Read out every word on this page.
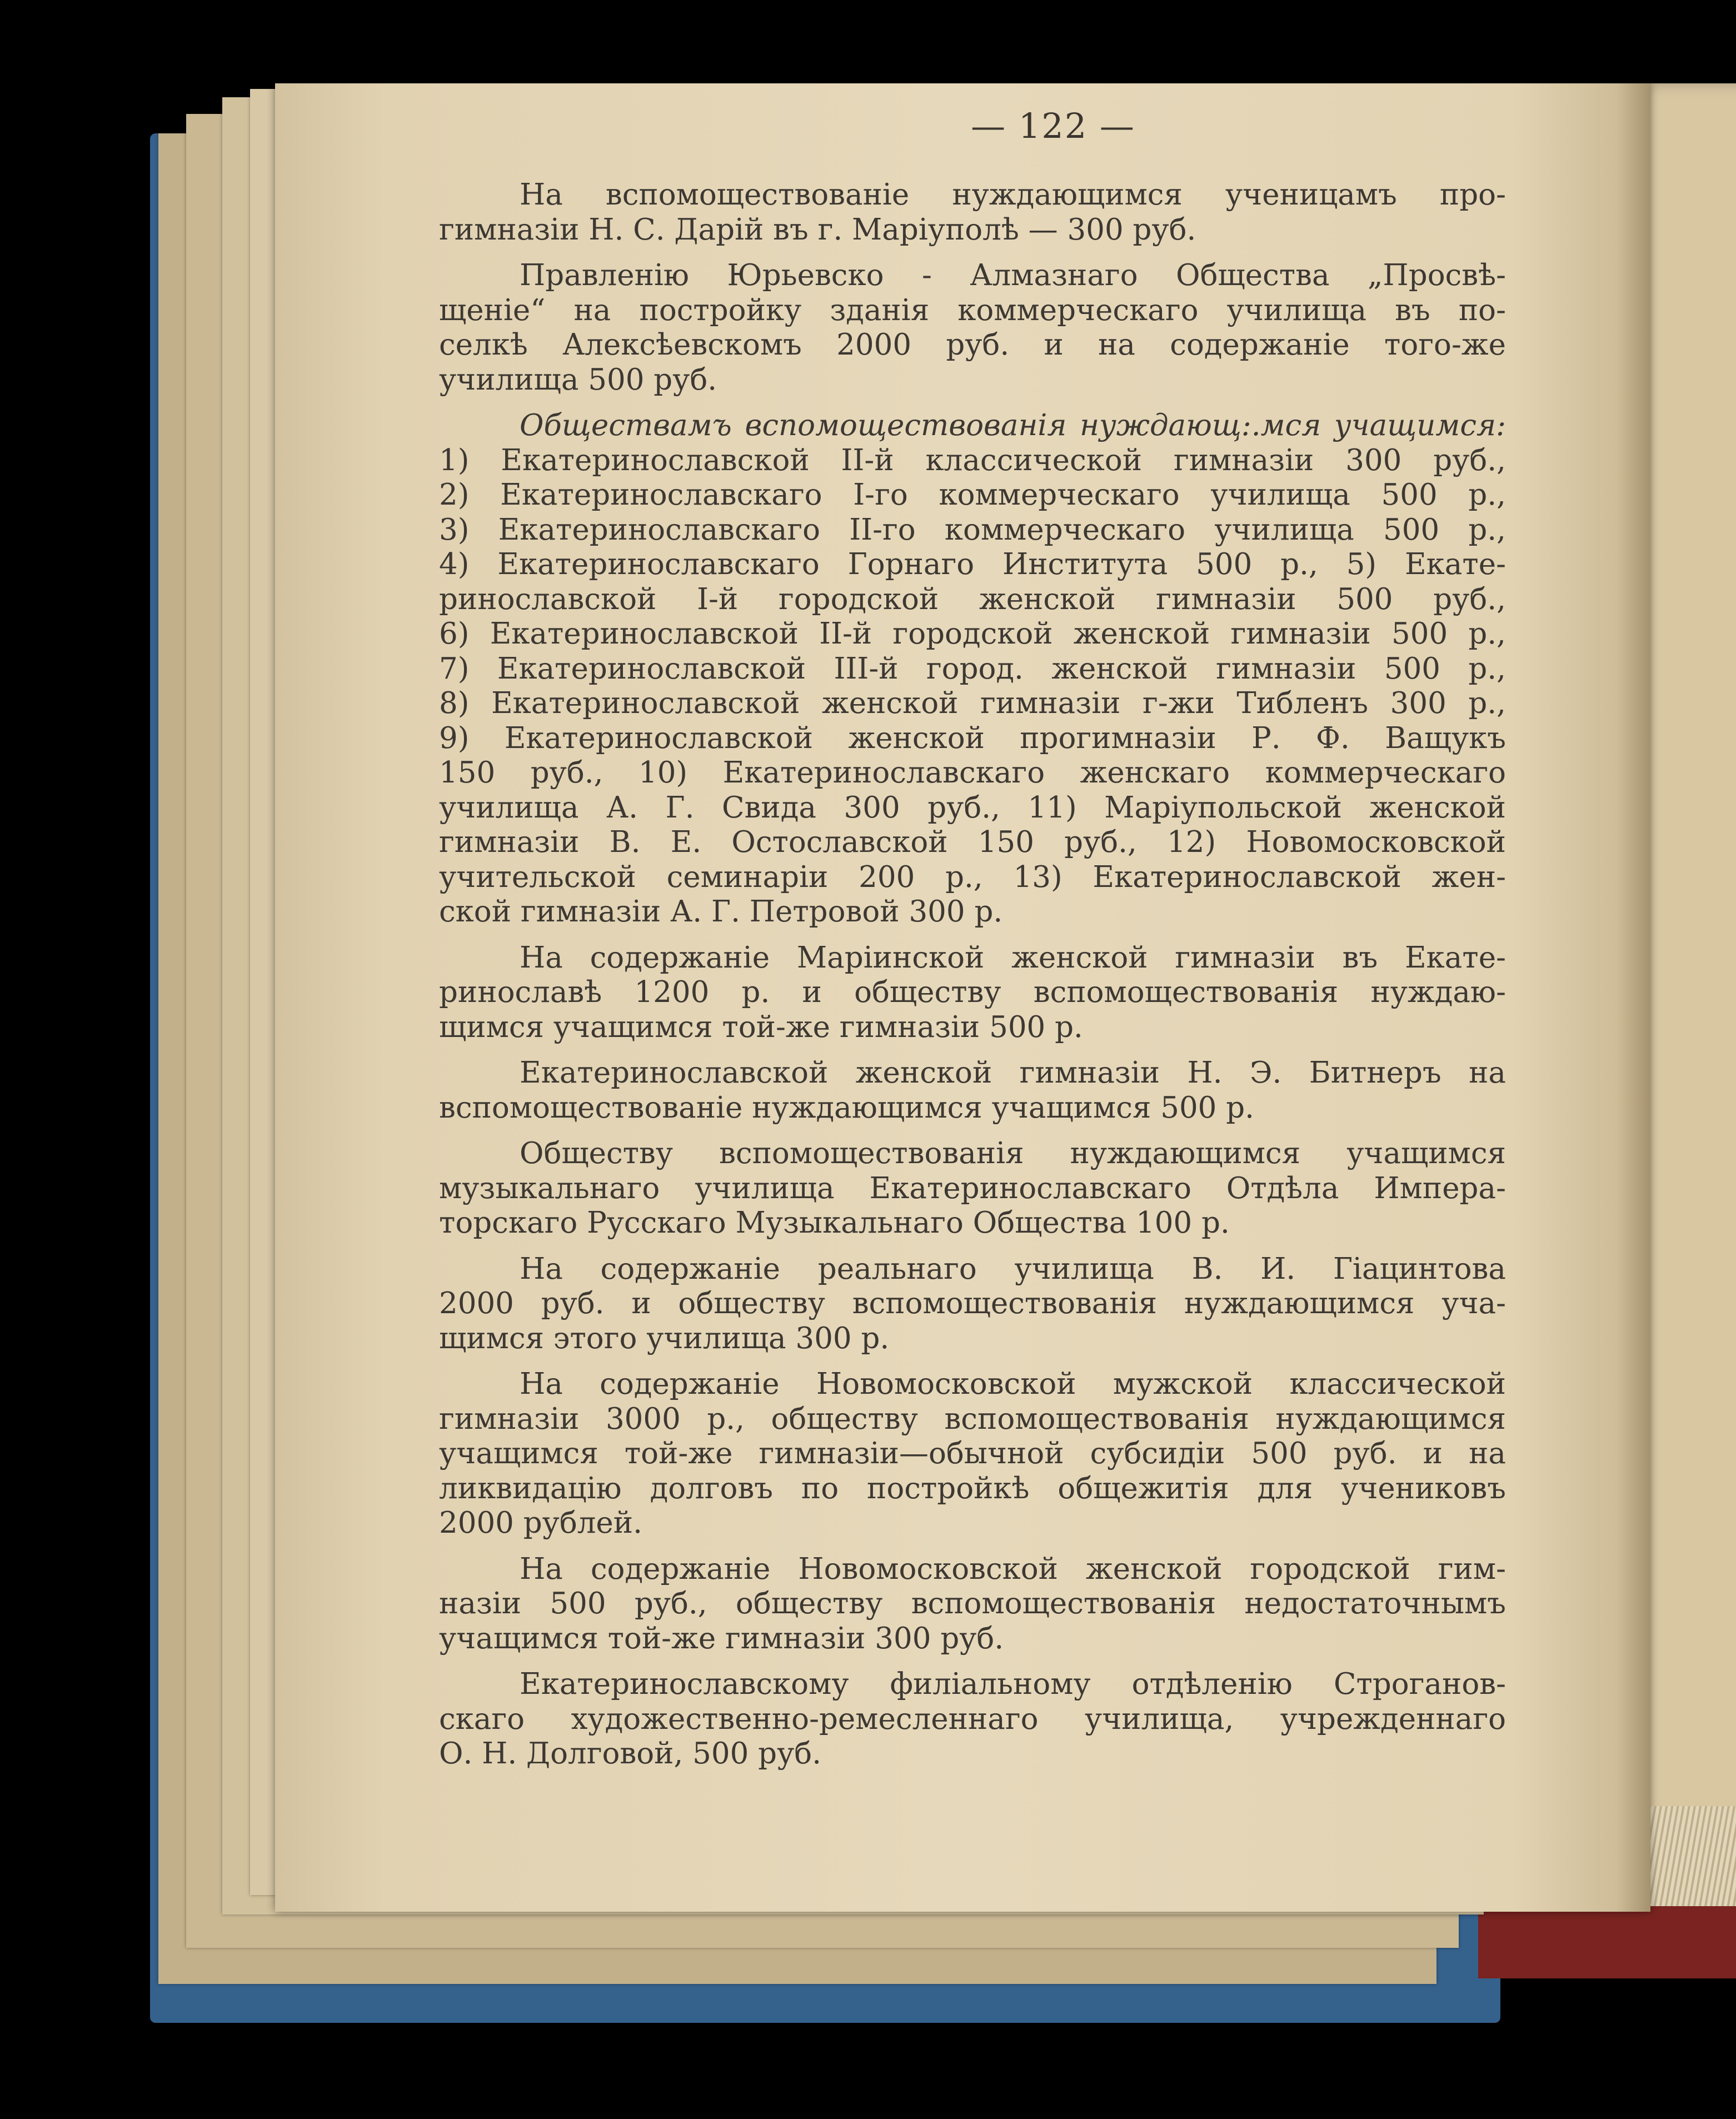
— 122 —
На вспомоществованіе нуждающимся ученицамъ про-
гимназіи Н. С. Дарій въ г. Маріуполѣ — 300 руб.
Правленію Юрьевско - Алмазнаго Общества „Просвѣ-
щеніе“ на постройку зданія коммерческаго училища въ по-
селкѣ Алексѣевскомъ 2000 руб. и на содержаніе того-же
училища 500 руб.
Обществамъ вспомоществованія нуждающ:.мся учащимся:
1) Екатеринославской II-й классической гимназіи 300 руб.,
2) Екатеринославскаго I-го коммерческаго училища 500 р.,
3) Екатеринославскаго II-го коммерческаго училища 500 р.,
4) Екатеринославскаго Горнаго Института 500 р., 5) Екате-
ринославской I-й городской женской гимназіи 500 руб.,
6) Екатеринославской II-й городской женской гимназіи 500 р.,
7) Екатеринославской III-й город. женской гимназіи 500 р.,
8) Екатеринославской женской гимназіи г-жи Тибленъ 300 р.,
9) Екатеринославской женской прогимназіи Р. Ф. Ващукъ
150 руб., 10) Екатеринославскаго женскаго коммерческаго
училища А. Г. Свида 300 руб., 11) Маріупольской женской
гимназіи В. Е. Остославской 150 руб., 12) Новомосковской
учительской семинаріи 200 р., 13) Екатеринославской жен-
ской гимназіи А. Г. Петровой 300 р.
На содержаніе Маріинской женской гимназіи въ Екате-
ринославѣ 1200 р. и обществу вспомоществованія нуждаю-
щимся учащимся той-же гимназіи 500 р.
Екатеринославской женской гимназіи Н. Э. Битнеръ на
вспомоществованіе нуждающимся учащимся 500 р.
Обществу вспомоществованія нуждающимся учащимся
музыкальнаго училища Екатеринославскаго Отдѣла Импера-
торскаго Русскаго Музыкальнаго Общества 100 р.
На содержаніе реальнаго училища В. И. Гіацинтова
2000 руб. и обществу вспомоществованія нуждающимся уча-
щимся этого училища 300 р.
На содержаніе Новомосковской мужской классической
гимназіи 3000 р., обществу вспомоществованія нуждающимся
учащимся той-же гимназіи—обычной субсидіи 500 руб. и на
ликвидацію долговъ по постройкѣ общежитія для учениковъ
2000 рублей.
На содержаніе Новомосковской женской городской гим-
назіи 500 руб., обществу вспомоществованія недостаточнымъ
учащимся той-же гимназіи 300 руб.
Екатеринославскому филіальному отдѣленію Строганов-
скаго художественно-ремесленнаго училища, учрежденнаго
О. Н. Долговой, 500 руб.
